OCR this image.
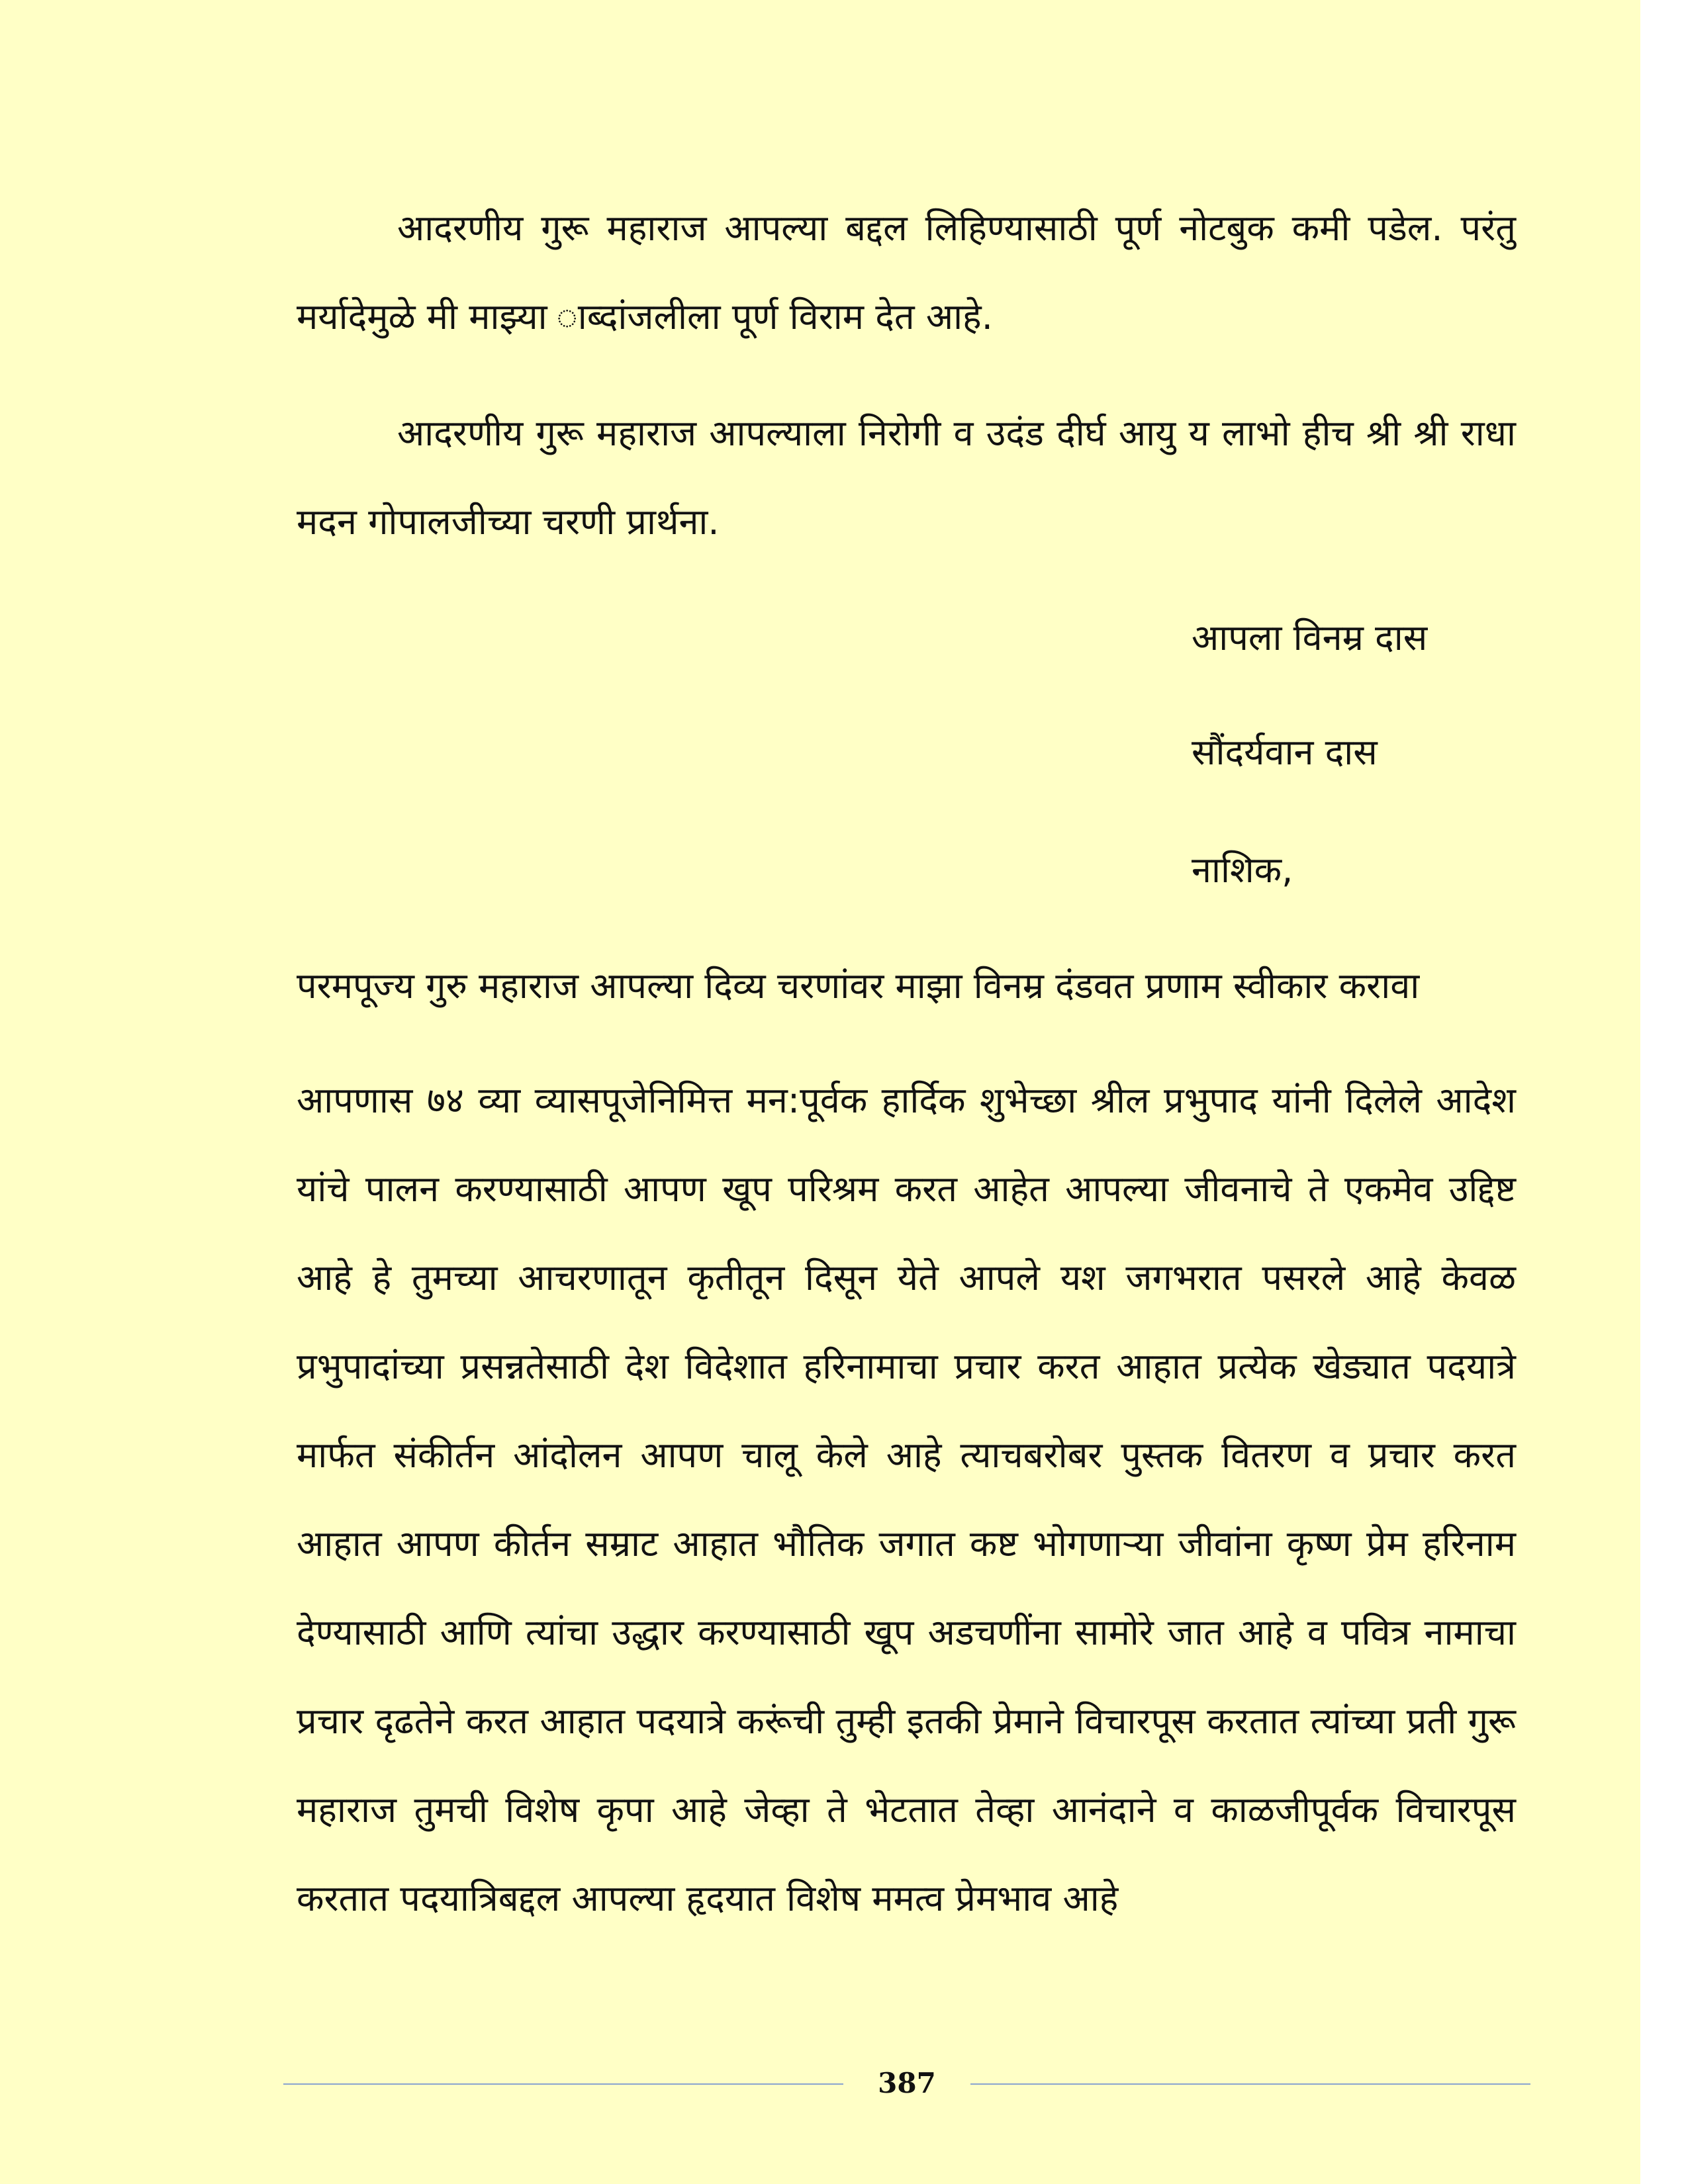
आदरणीय गुरू महाराज आपल्या बद्दल लिहिण्यासाठी पूर्ण नोटबुक कमी पडेल. परंतु मर्यादेमुळे मी माझ्या ाब्दांजलीला पूर्ण विराम देत आहे.

आदरणीय गुरू महाराज आपल्याला निरोगी व उदंड दीर्घ आयु य लाभो हीच श्री श्री राधा मदन गोपालजीच्या चरणी प्रार्थना.

आपला विनम्र दास
सौंदर्यवान दास
नाशिक,

परमपूज्य गुरु महाराज आपल्या दिव्य चरणांवर माझा विनम्र दंडवत प्रणाम स्वीकार करावा

आपणास ७४ व्या व्यासपूजेनिमित्त मन:पूर्वक हार्दिक शुभेच्छा श्रील प्रभुपाद यांनी दिलेले आदेश यांचे पालन करण्यासाठी आपण खूप परिश्रम करत आहेत आपल्या जीवनाचे ते एकमेव उद्दिष्ट आहे हे तुमच्या आचरणातून कृतीतून दिसून येते आपले यश जगभरात पसरले आहे केवळ प्रभुपादांच्या प्रसन्नतेसाठी देश विदेशात हरिनामाचा प्रचार करत आहात प्रत्येक खेड्यात पदयात्रे मार्फत संकीर्तन आंदोलन आपण चालू केले आहे त्याचबरोबर पुस्तक वितरण व प्रचार करत आहात आपण कीर्तन सम्राट आहात भौतिक जगात कष्ट भोगणाऱ्या जीवांना कृष्ण प्रेम हरिनाम देण्यासाठी आणि त्यांचा उद्धार करण्यासाठी खूप अडचणींना सामोरे जात आहे व पवित्र नामाचा प्रचार दृढतेने करत आहात पदयात्रे करूंची तुम्ही इतकी प्रेमाने विचारपूस करतात त्यांच्या प्रती गुरू महाराज तुमची विशेष कृपा आहे जेव्हा ते भेटतात तेव्हा आनंदाने व काळजीपूर्वक विचारपूस करतात पदयात्रिबद्दल आपल्या हृदयात विशेष ममत्व प्रेमभाव आहे

387
